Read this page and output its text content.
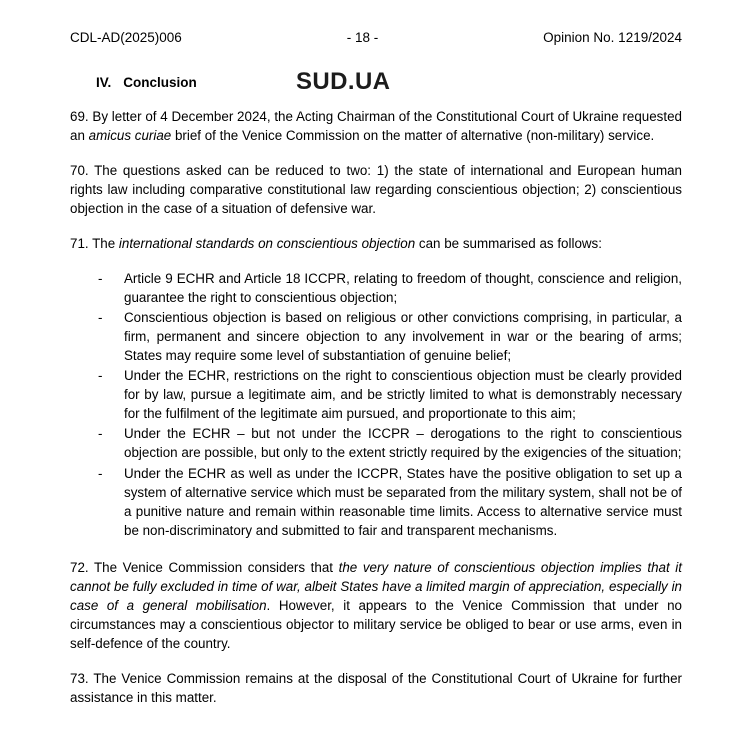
CDL-AD(2025)006	- 18 -	Opinion No. 1219/2024
IV. Conclusion	SUD.UA

69. By letter of 4 December 2024, the Acting Chairman of the Constitutional Court of Ukraine requested an amicus curiae brief of the Venice Commission on the matter of alternative (non-military) service.

70. The questions asked can be reduced to two: 1) the state of international and European human rights law including comparative constitutional law regarding conscientious objection; 2) conscientious objection in the case of a situation of defensive war.

71. The international standards on conscientious objection can be summarised as follows:

- Article 9 ECHR and Article 18 ICCPR, relating to freedom of thought, conscience and religion, guarantee the right to conscientious objection;
- Conscientious objection is based on religious or other convictions comprising, in particular, a firm, permanent and sincere objection to any involvement in war or the bearing of arms; States may require some level of substantiation of genuine belief;
- Under the ECHR, restrictions on the right to conscientious objection must be clearly provided for by law, pursue a legitimate aim, and be strictly limited to what is demonstrably necessary for the fulfilment of the legitimate aim pursued, and proportionate to this aim;
- Under the ECHR – but not under the ICCPR – derogations to the right to conscientious objection are possible, but only to the extent strictly required by the exigencies of the situation;
- Under the ECHR as well as under the ICCPR, States have the positive obligation to set up a system of alternative service which must be separated from the military system, shall not be of a punitive nature and remain within reasonable time limits. Access to alternative service must be non-discriminatory and submitted to fair and transparent mechanisms.

72. The Venice Commission considers that the very nature of conscientious objection implies that it cannot be fully excluded in time of war, albeit States have a limited margin of appreciation, especially in case of a general mobilisation. However, it appears to the Venice Commission that under no circumstances may a conscientious objector to military service be obliged to bear or use arms, even in self-defence of the country.

73. The Venice Commission remains at the disposal of the Constitutional Court of Ukraine for further assistance in this matter.
